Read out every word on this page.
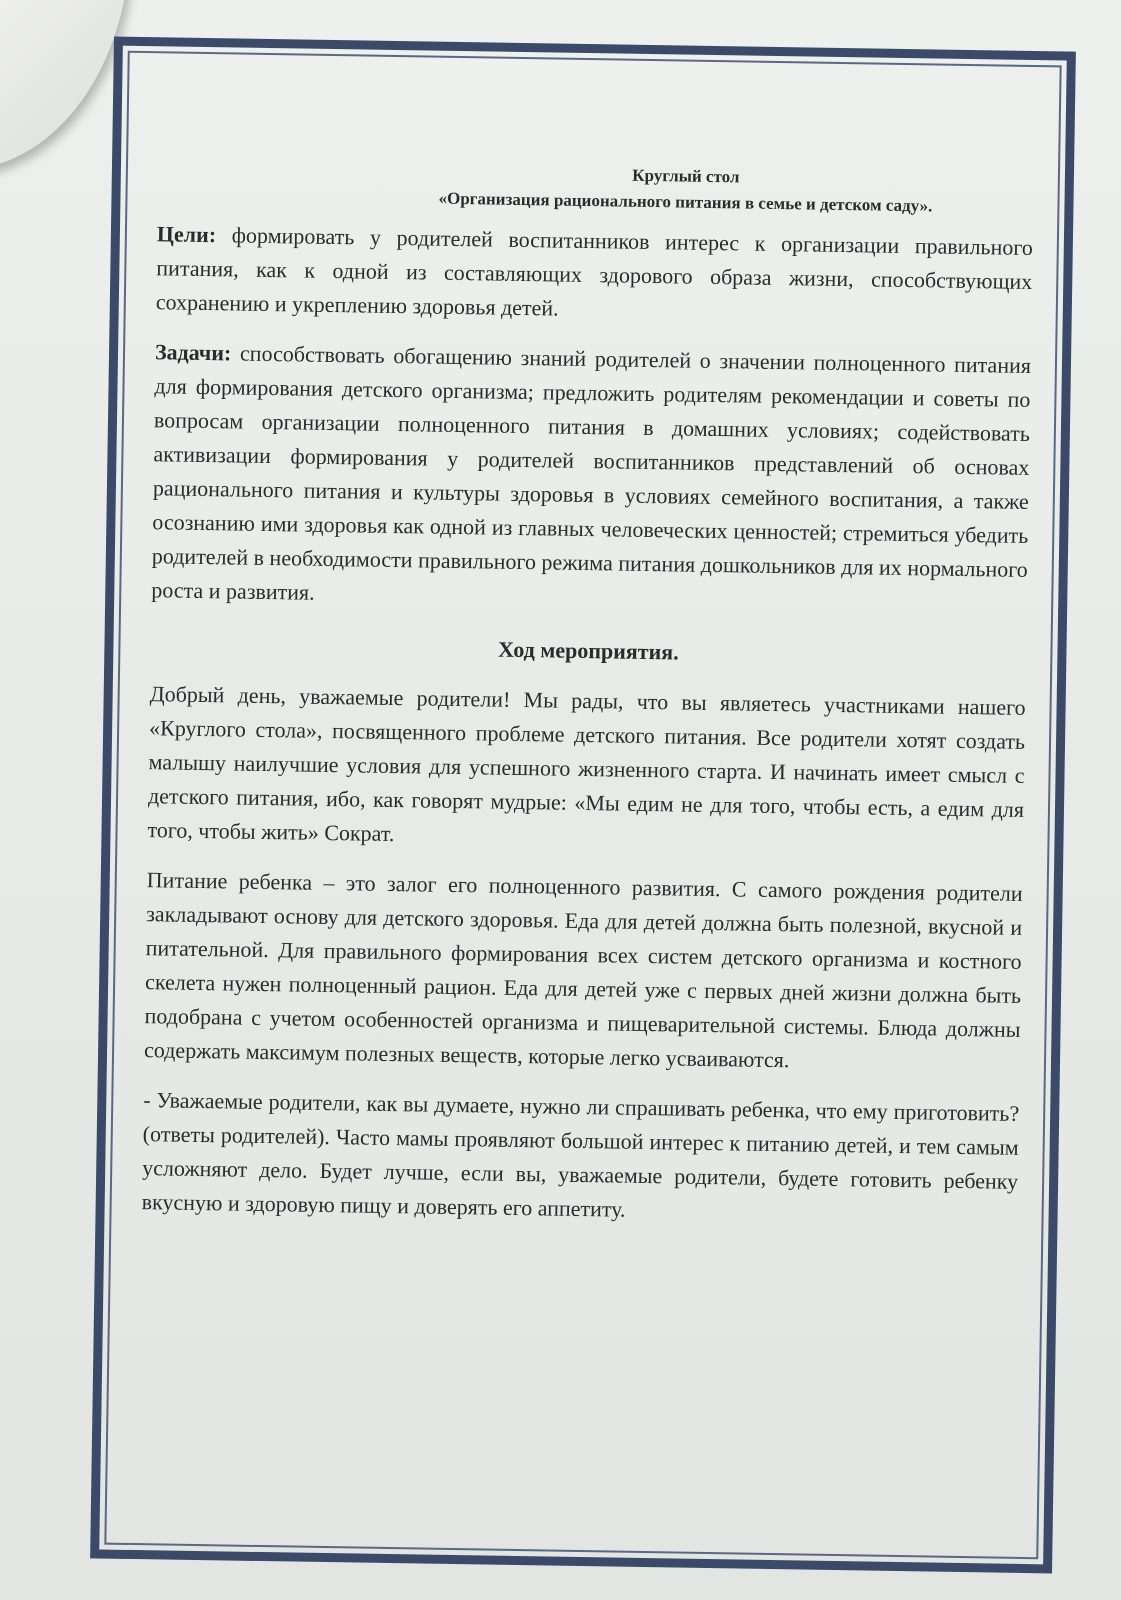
Круглый стол
«Организация рационального питания в семье и детском саду».

Цели: формировать у родителей воспитанников интерес к организации правильного питания, как к одной из составляющих здорового образа жизни, способствующих сохранению и укреплению здоровья детей.

Задачи: способствовать обогащению знаний родителей о значении полноценного питания для формирования детского организма; предложить родителям рекомендации и советы по вопросам организации полноценного питания в домашних условиях; содействовать активизации формирования у родителей воспитанников представлений об основах рационального питания и культуры здоровья в условиях семейного воспитания, а также осознанию ими здоровья как одной из главных человеческих ценностей; стремиться убедить родителей в необходимости правильного режима питания дошкольников для их нормального роста и развития.

Ход мероприятия.

Добрый день, уважаемые родители! Мы рады, что вы являетесь участниками нашего «Круглого стола», посвященного проблеме детского питания. Все родители хотят создать малышу наилучшие условия для успешного жизненного старта. И начинать имеет смысл с детского питания, ибо, как говорят мудрые: «Мы едим не для того, чтобы есть, а едим для того, чтобы жить» Сократ.

Питание ребенка – это залог его полноценного развития. С самого рождения родители закладывают основу для детского здоровья. Еда для детей должна быть полезной, вкусной и питательной. Для правильного формирования всех систем детского организма и костного скелета нужен полноценный рацион. Еда для детей уже с первых дней жизни должна быть подобрана с учетом особенностей организма и пищеварительной системы. Блюда должны содержать максимум полезных веществ, которые легко усваиваются.

- Уважаемые родители, как вы думаете, нужно ли спрашивать ребенка, что ему приготовить? (ответы родителей). Часто мамы проявляют большой интерес к питанию детей, и тем самым усложняют дело. Будет лучше, если вы, уважаемые родители, будете готовить ребенку вкусную и здоровую пищу и доверять его аппетиту.
